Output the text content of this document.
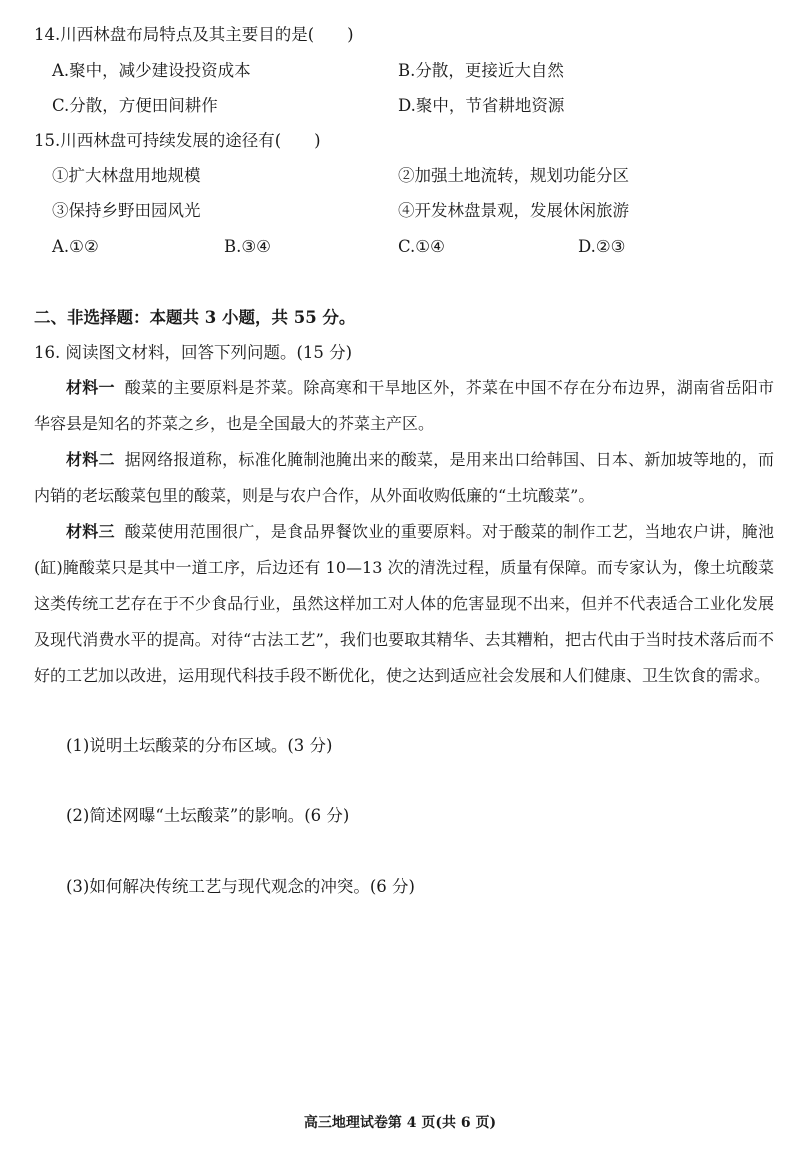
14.川西林盘布局特点及其主要目的是(　　)
A.聚中，减少建设投资成本	B.分散，更接近大自然
C.分散，方便田间耕作	D.聚中，节省耕地资源
15.川西林盘可持续发展的途径有(　　)
①扩大林盘用地规模	②加强土地流转，规划功能分区
③保持乡野田园风光	④开发林盘景观，发展休闲旅游
A.①②	B.③④	C.①④	D.②③
二、非选择题：本题共 3 小题，共 55 分。
16. 阅读图文材料，回答下列问题。(15 分)
材料一 酸菜的主要原料是芥菜。除高寒和干旱地区外，芥菜在中国不存在分布边界，湖南省岳阳市华容县是知名的芥菜之乡，也是全国最大的芥菜主产区。
材料二 据网络报道称，标准化腌制池腌出来的酸菜，是用来出口给韩国、日本、新加坡等地的，而内销的老坛酸菜包里的酸菜，则是与农户合作，从外面收购低廉的“土坑酸菜”。
材料三 酸菜使用范围很广，是食品界餐饮业的重要原料。对于酸菜的制作工艺，当地农户讲，腌池(缸)腌酸菜只是其中一道工序，后边还有 10—13 次的清洗过程，质量有保障。而专家认为，像土坑酸菜这类传统工艺存在于不少食品行业，虽然这样加工对人体的危害显现不出来，但并不代表适合工业化发展及现代消费水平的提高。对待“古法工艺”，我们也要取其精华、去其糟粕，把古代由于当时技术落后而不好的工艺加以改进，运用现代科技手段不断优化，使之达到适应社会发展和人们健康、卫生饮食的需求。
(1)说明土坛酸菜的分布区域。(3 分)
(2)简述网曝“土坛酸菜”的影响。(6 分)
(3)如何解决传统工艺与现代观念的冲突。(6 分)
高三地理试卷第 4 页(共 6 页)
